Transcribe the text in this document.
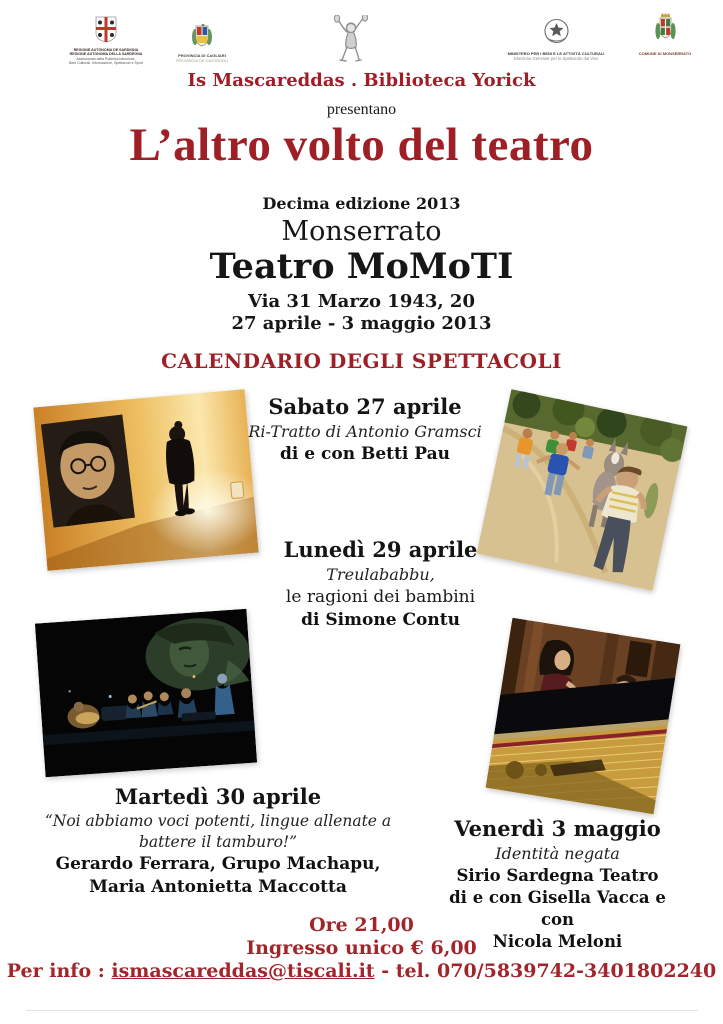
REGIONE AUTÒNOMA DE SARDIGNA
REGIONE AUTONOMA DELLA SARDEGNA
Assessorato della Pubblica Istruzione,
Beni Culturali, Informazione, Spettacolo e Sport
PROVINCIA DI CAGLIARI
PROVINCIA DE CASTEDDU
MINISTERO PER I BENI E LE ATTIVITÀ CULTURALI
Direzione Generale per lo Spettacolo dal Vivo
COMUNE DI MONSERRATO
Is Mascareddas . Biblioteca Yorick
presentano
L’altro volto del teatro
Decima edizione 2013
Monserrato
Teatro MoMoTI
Via 31 Marzo 1943, 20
27 aprile - 3 maggio 2013
CALENDARIO DEGLI SPETTACOLI
Sabato 27 aprile
Ri-Tratto di Antonio Gramsci
di e con Betti Pau
Lunedì 29 aprile
Treulababbu,
le ragioni dei bambini
di Simone Contu
Martedì 30 aprile
“Noi abbiamo voci potenti, lingue allenate a battere il tamburo!”
Gerardo Ferrara, Grupo Machapu,
Maria Antonietta Maccotta
Venerdì 3 maggio
Identità negata
Sirio Sardegna Teatro
di e con Gisella Vacca e con
Nicola Meloni
Ore 21,00
Ingresso unico € 6,00
Per info : ismascareddas@tiscali.it - tel. 070/5839742-3401802240
